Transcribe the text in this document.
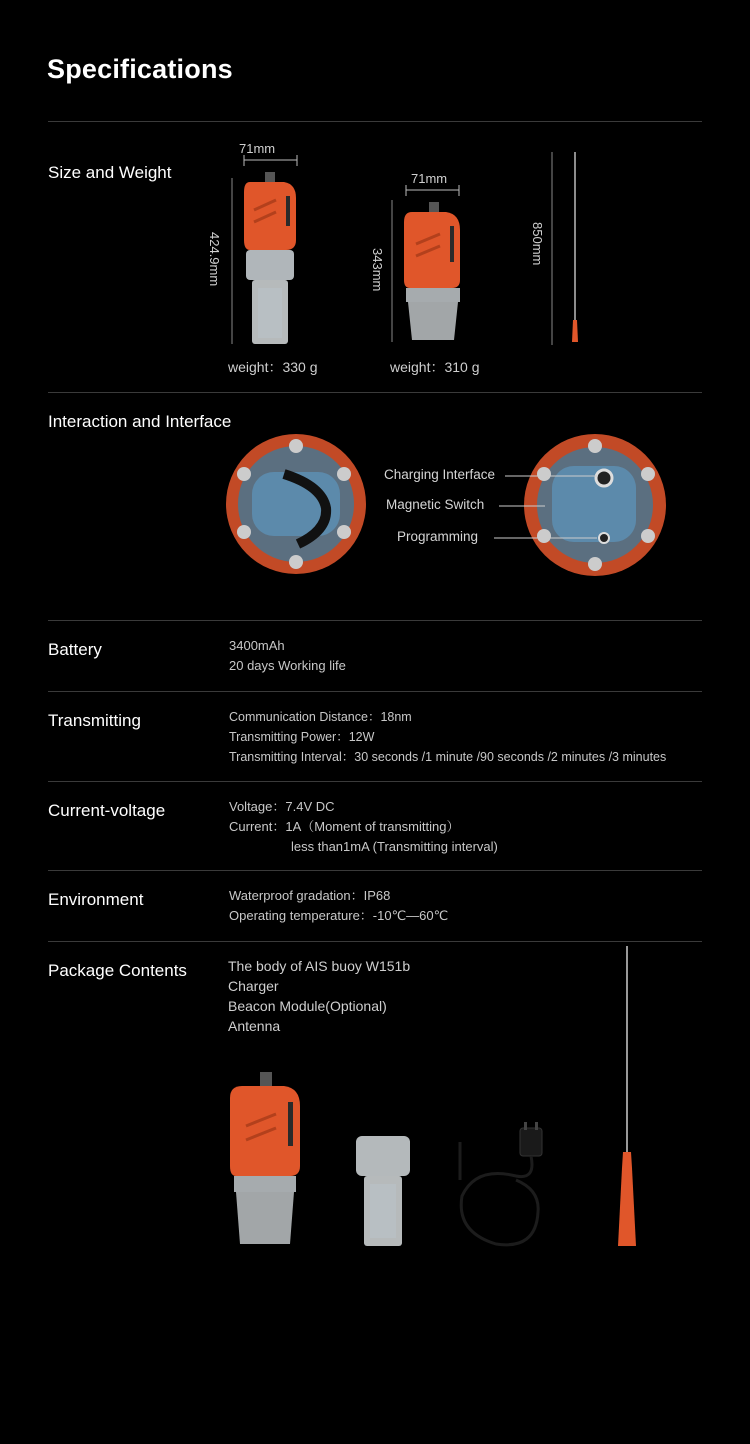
Specifications
Size and Weight
71mm
424.9mm
71mm
343mm
850mm
weight：330 g	weight：310 g
Interaction and Interface
Charging Interface
Magnetic Switch
Programming
Battery	3400mAh
20 days Working life
Transmitting	Communication Distance：18nm
Transmitting Power：12W
Transmitting Interval：30 seconds /1 minute /90 seconds /2 minutes /3 minutes
Current-voltage	Voltage：7.4V DC
Current：1A（Moment of transmitting）
less than1mA (Transmitting interval)
Environment	Waterproof gradation：IP68
Operating temperature：-10℃—60℃
Package Contents	The body of AIS buoy W151b
Charger
Beacon Module(Optional)
Antenna
